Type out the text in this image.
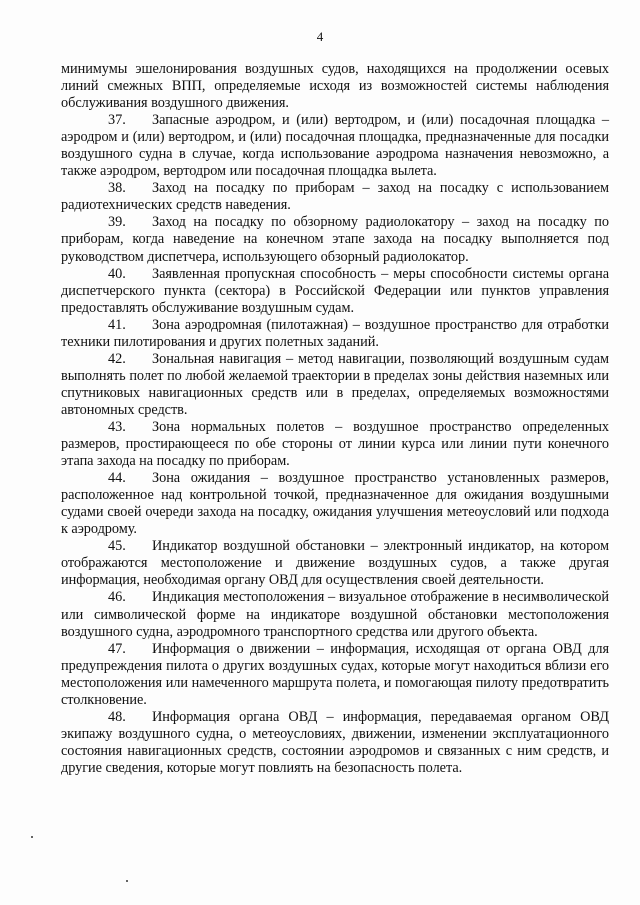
4

минимумы эшелонирования воздушных судов, находящихся на продолжении осевых линий смежных ВПП, определяемые исходя из возможностей системы наблюдения обслуживания воздушного движения.

37. Запасные аэродром, и (или) вертодром, и (или) посадочная площадка – аэродром и (или) вертодром, и (или) посадочная площадка, предназначенные для посадки воздушного судна в случае, когда использование аэродрома назначения невозможно, а также аэродром, вертодром или посадочная площадка вылета.

38. Заход на посадку по приборам – заход на посадку с использованием радиотехнических средств наведения.

39. Заход на посадку по обзорному радиолокатору – заход на посадку по приборам, когда наведение на конечном этапе захода на посадку выполняется под руководством диспетчера, использующего обзорный радиолокатор.

40. Заявленная пропускная способность – меры способности системы органа диспетчерского пункта (сектора) в Российской Федерации или пунктов управления предоставлять обслуживание воздушным судам.

41. Зона аэродромная (пилотажная) – воздушное пространство для отработки техники пилотирования и других полетных заданий.

42. Зональная навигация – метод навигации, позволяющий воздушным судам выполнять полет по любой желаемой траектории в пределах зоны действия наземных или спутниковых навигационных средств или в пределах, определяемых возможностями автономных средств.

43. Зона нормальных полетов – воздушное пространство определенных размеров, простирающееся по обе стороны от линии курса или линии пути конечного этапа захода на посадку по приборам.

44. Зона ожидания – воздушное пространство установленных размеров, расположенное над контрольной точкой, предназначенное для ожидания воздушными судами своей очереди захода на посадку, ожидания улучшения метеоусловий или подхода к аэродрому.

45. Индикатор воздушной обстановки – электронный индикатор, на котором отображаются местоположение и движение воздушных судов, а также другая информация, необходимая органу ОВД для осуществления своей деятельности.

46. Индикация местоположения – визуальное отображение в несимволической или символической форме на индикаторе воздушной обстановки местоположения воздушного судна, аэродромного транспортного средства или другого объекта.

47. Информация о движении – информация, исходящая от органа ОВД для предупреждения пилота о других воздушных судах, которые могут находиться вблизи его местоположения или намеченного маршрута полета, и помогающая пилоту предотвратить столкновение.

48. Информация органа ОВД – информация, передаваемая органом ОВД экипажу воздушного судна, о метеоусловиях, движении, изменении эксплуатационного состояния навигационных средств, состоянии аэродромов и связанных с ним средств, и другие сведения, которые могут повлиять на безопасность полета.
